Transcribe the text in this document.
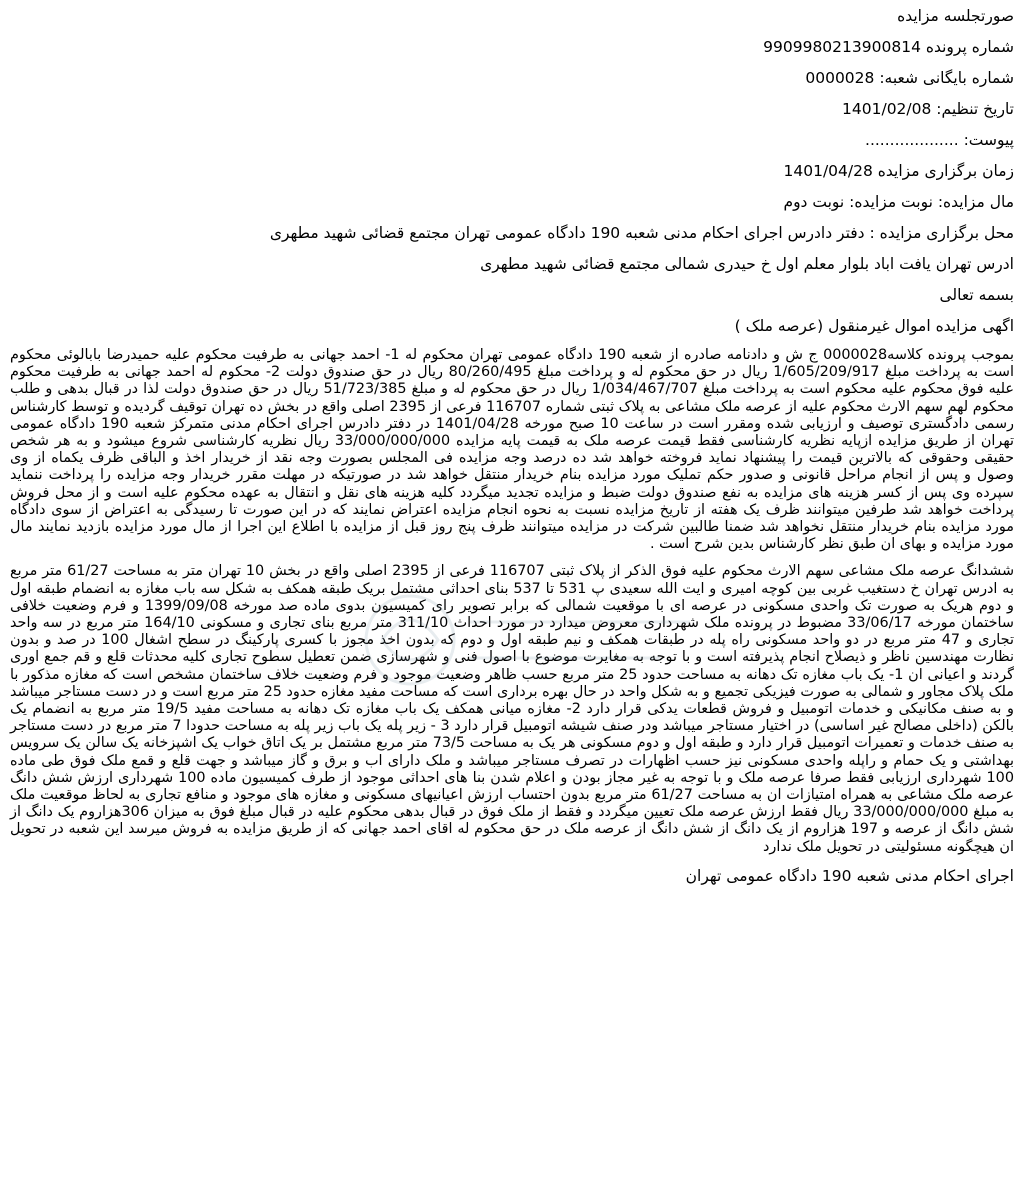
صورتجلسه مزایده
شماره پرونده 9909980213900814
شماره بایگانی شعبه: 0000028
تاریخ تنظیم: 1401/02/08
پیوست: ...................
زمان برگزاری مزایده 1401/04/28
مال مزایده: نوبت مزایده: نوبت دوم
محل برگزاری مزایده : دفتر دادرس اجرای احکام مدنی شعبه 190 دادگاه عمومی تهران مجتمع قضائی شهید مطهری
ادرس تهران یافت اباد بلوار معلم اول خ حیدری شمالی مجتمع قضائی شهید مطهری
بسمه تعالی
اگهی مزایده اموال غیرمنقول (عرصه ملک )

بموجب پرونده کلاسه0000028 ج ش و دادنامه صادره از شعبه 190 دادگاه عمومی تهران محکوم له 1- احمد جهانی به طرفیت محکوم علیه حمیدرضا بابالوئی محکوم است به پرداخت مبلغ 1/605/209/917 ریال در حق محکوم له و پرداخت مبلغ 80/260/495 ریال در حق صندوق دولت 2- محکوم له احمد جهانی به طرفیت محکوم علیه فوق محکوم علیه محکوم است به پرداخت مبلغ 1/034/467/707 ریال در حق محکوم له و مبلغ 51/723/385 ریال در حق صندوق دولت لذا در قبال بدهی و طلب محکوم لهم سهم الارث محکوم علیه از عرصه ملک مشاعی به پلاک ثبتی شماره 116707 فرعی از 2395 اصلی واقع در بخش ده تهران توقیف گردیده و توسط کارشناس رسمی دادگستری توصیف و ارزیابی شده ومقرر است در ساعت 10 صبح مورخه 1401/04/28 در دفتر دادرس اجرای احکام مدنی متمرکز شعبه 190 دادگاه عمومی تهران از طریق مزایده ازپایه نظریه کارشناسی فقط قیمت عرصه ملک به قیمت پایه مزایده 33/000/000/000 ریال نظریه کارشناسی شروع میشود و به هر شخص حقیقی وحقوقی که بالاترین قیمت را پیشنهاد نماید فروخته خواهد شد ده درصد وجه مزایده فی المجلس بصورت وجه نقد از خریدار اخذ و الباقی ظرف یکماه از وی وصول و پس از انجام مراحل قانونی و صدور حکم تملیک مورد مزایده بنام خریدار منتقل خواهد شد در صورتیکه در مهلت مقرر خریدار وجه مزایده را پرداخت ننماید سپرده وی پس از کسر هزینه های مزایده به نفع صندوق دولت ضبط و مزایده تجدید میگردد کلیه هزینه های نقل و انتقال به عهده محکوم علیه است و از محل فروش پرداخت خواهد شد طرفین میتوانند ظرف یک هفته از تاریخ مزایده نسبت به نحوه انجام مزایده اعتراض نمایند که در این صورت تا رسیدگی به اعتراض از سوی دادگاه مورد مزایده بنام خریدار منتقل نخواهد شد ضمنا طالبین شرکت در مزایده میتوانند ظرف پنج روز قبل از مزایده با اطلاع این اجرا از مال مورد مزایده بازدید نمایند مال مورد مزایده و بهای ان طبق نظر کارشناس بدین شرح است .

ششدانگ عرصه ملک مشاعی سهم الارث محکوم علیه فوق الذکر از پلاک ثبتی 116707 فرعی از 2395 اصلی واقع در بخش 10 تهران متر به مساحت 61/27 متر مربع به ادرس تهران خ دستغیب غربی بین کوچه امیری و ایت الله سعیدی پ 531 تا 537 بنای احداثی مشتمل بریک طبقه همکف به شکل سه باب مغازه به انضمام طبقه اول و دوم هریک به صورت تک واحدی مسکونی در عرصه ای با موقعیت شمالی که برابر تصویر رای کمیسیون بدوی ماده صد مورخه 1399/09/08 و فرم وضعیت خلافی ساختمان مورخه 33/06/17 مضبوط در پرونده ملک شهرداری معروض میدارد در مورد احداث 311/10 متر مربع بنای تجاری و مسکونی 164/10 متر مربع در سه واحد تجاری و 47 متر مربع در دو واحد مسکونی راه پله در طبقات همکف و نیم طبقه اول و دوم که بدون اخذ مجوز با کسری پارکینگ در سطح اشغال 100 در صد و بدون نظارت مهندسین ناظر و ذیصلاح انجام پذیرفته است و با توجه به مغایرت موضوع با اصول فنی و شهرسازی ضمن تعطیل سطوح تجاری کلیه محدثات قلع و قم جمع اوری گردند و اعیانی ان 1- یک باب مغازه تک دهانه به مساحت حدود 25 متر مربع حسب ظاهر وضعیت موجود و فرم وضعیت خلاف ساختمان مشخص است که مغازه مذکور با ملک پلاک مجاور و شمالی به صورت فیزیکی تجمیع و به شکل واحد در حال بهره برداری است که مساحت مفید مغازه حدود 25 متر مربع است و در دست مستاجر میباشد و به صنف مکانیکی و خدمات اتومبیل و فروش قطعات یدکی قرار دارد 2- مغازه میانی همکف یک باب مغازه تک دهانه به مساحت مفید 19/5 متر مربع به انضمام یک بالکن (داخلی مصالح غیر اساسی) در اختیار مستاجر میباشد ودر صنف شیشه اتومبیل قرار دارد 3 - زیر پله یک باب زیر پله به مساحت حدودا 7 متر مربع در دست مستاجر به صنف خدمات و تعمیرات اتومبیل قرار دارد و طبقه اول و دوم مسکونی هر یک به مساحت 73/5 متر مربع مشتمل بر یک اتاق خواب یک اشپزخانه یک سالن یک سرویس بهداشتی و یک حمام و راپله واحدی مسکونی نیز حسب اظهارات در تصرف مستاجر میباشد و ملک دارای اب و برق و گاز میباشد و جهت قلع و قمع ملک فوق طی ماده 100 شهرداری ارزیابی فقط صرفا عرصه ملک و با توجه به غیر مجاز بودن و اعلام شدن بنا های احداثی موجود از طرف کمیسیون ماده 100 شهرداری ارزش شش دانگ عرصه ملک مشاعی به همراه امتیازات ان به مساحت 61/27 متر مربع بدون احتساب ارزش اعیانیهای مسکونی و مغازه های موجود و منافع تجاری به لحاظ موقعیت ملک به مبلغ 33/000/000/000 ریال فقط ارزش عرصه ملک تعیین میگردد و فقط از ملک فوق در قبال بدهی محکوم علیه در قبال مبلغ فوق به میزان 306هزاروم یک دانگ از شش دانگ از عرصه و 197 هزاروم از یک دانگ از شش دانگ از عرصه ملک در حق محکوم له اقای احمد جهانی که از طریق مزایده به فروش میرسد این شعبه در تحویل ان هیچگونه مسئولیتی در تحویل ملک ندارد

اجرای احکام مدنی شعبه 190 دادگاه عمومی تهران
